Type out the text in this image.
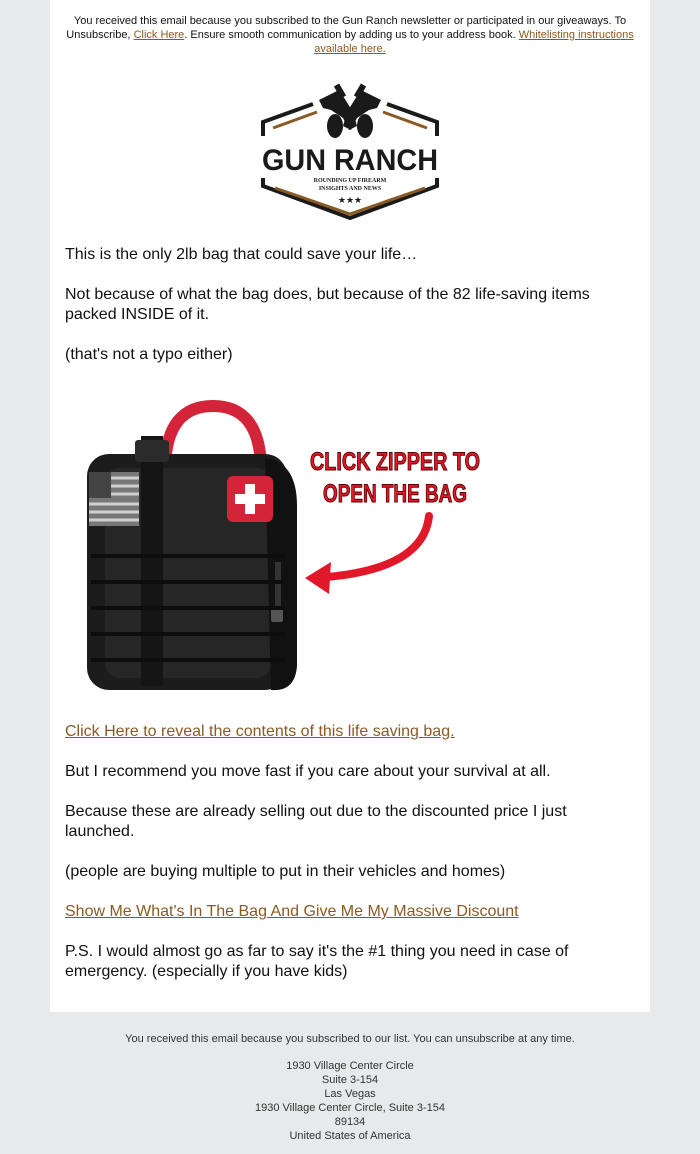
You received this email because you subscribed to the Gun Ranch newsletter or participated in our giveaways. To Unsubscribe, Click Here. Ensure smooth communication by adding us to your address book. Whitelisting instructions available here.
GUN RANCH
ROUNDING UP FIREARM
INSIGHTS AND NEWS
★★★
This is the only 2lb bag that could save your life…
Not because of what the bag does, but because of the 82 life-saving items packed INSIDE of it.
(that's not a typo either)
CLICK ZIPPER TO
OPEN THE BAG
Click Here to reveal the contents of this life saving bag.
But I recommend you move fast if you care about your survival at all.
Because these are already selling out due to the discounted price I just launched.
(people are buying multiple to put in their vehicles and homes)
Show Me What's In The Bag And Give Me My Massive Discount
P.S. I would almost go as far to say it's the #1 thing you need in case of emergency. (especially if you have kids)
You received this email because you subscribed to our list. You can unsubscribe at any time.
1930 Village Center Circle
Suite 3-154
Las Vegas
1930 Village Center Circle, Suite 3-154
89134
United States of America
